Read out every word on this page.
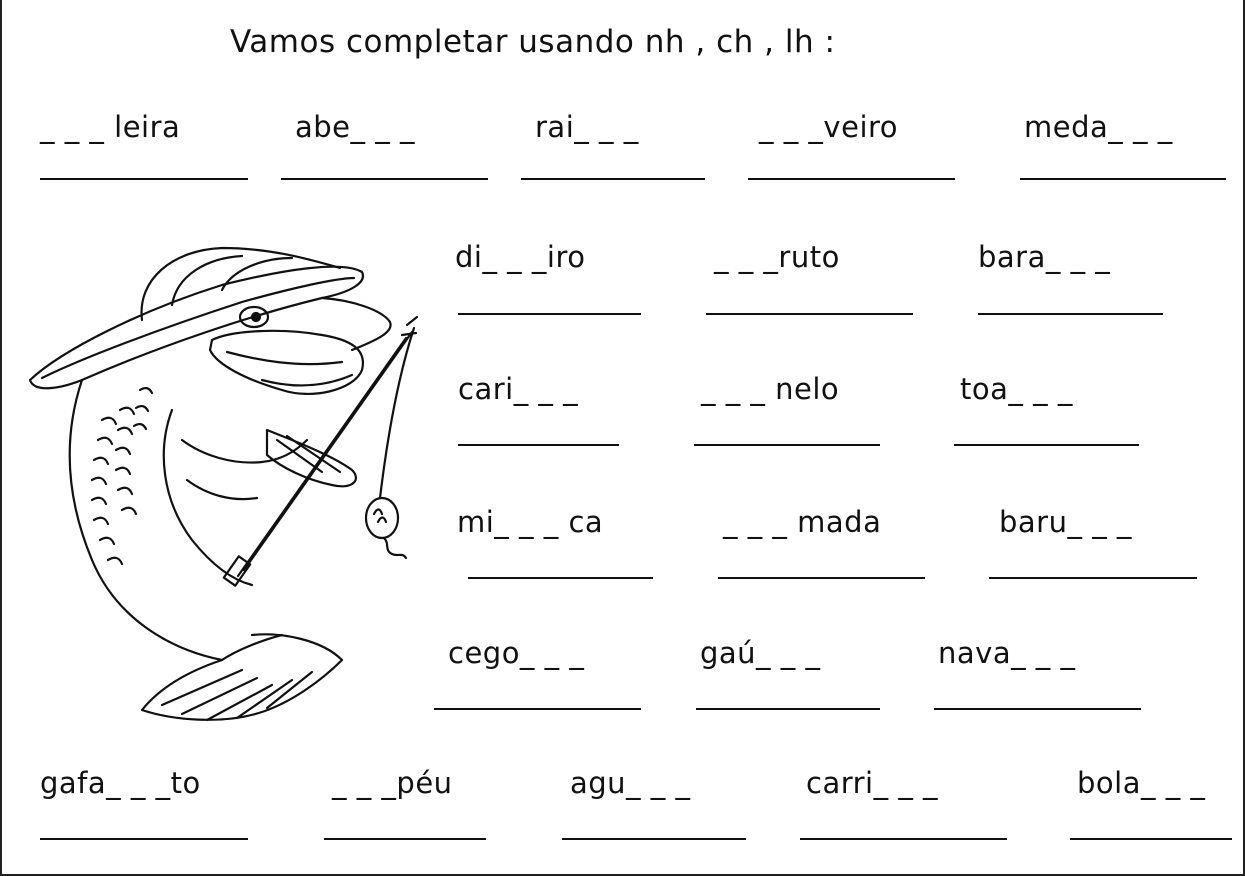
Vamos completar usando nh , ch , lh :
_ _ _ leira	abe_ _ _	rai_ _ _	_ _ _veiro	meda_ _ _
di_ _ _iro	_ _ _ruto	bara_ _ _
cari_ _ _	_ _ _ nelo	toa_ _ _
mi_ _ _ ca	_ _ _ mada	baru_ _ _
cego_ _ _	gaú_ _ _	nava_ _ _
gafa_ _ _to	_ _ _péu	agu_ _ _	carri_ _ _	bola_ _ _
